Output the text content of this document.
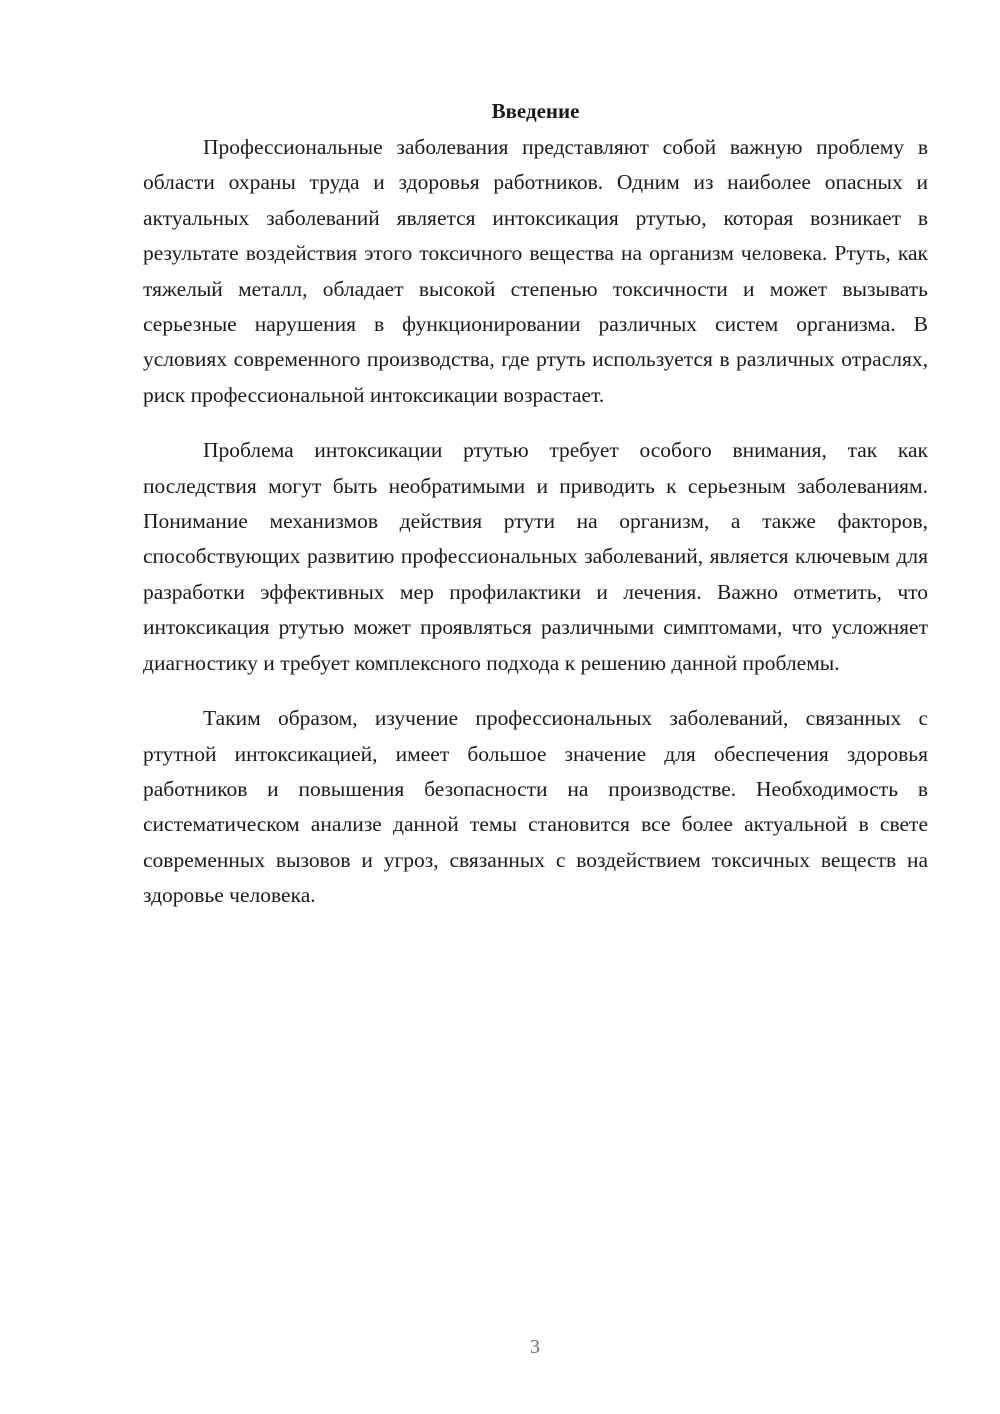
Введение

Профессиональные заболевания представляют собой важную проблему в области охраны труда и здоровья работников. Одним из наиболее опасных и актуальных заболеваний является интоксикация ртутью, которая возникает в результате воздействия этого токсичного вещества на организм человека. Ртуть, как тяжелый металл, обладает высокой степенью токсичности и может вызывать серьезные нарушения в функционировании различных систем организма. В условиях современного производства, где ртуть используется в различных отраслях, риск профессиональной интоксикации возрастает.

Проблема интоксикации ртутью требует особого внимания, так как последствия могут быть необратимыми и приводить к серьезным заболеваниям. Понимание механизмов действия ртути на организм, а также факторов, способствующих развитию профессиональных заболеваний, является ключевым для разработки эффективных мер профилактики и лечения. Важно отметить, что интоксикация ртутью может проявляться различными симптомами, что усложняет диагностику и требует комплексного подхода к решению данной проблемы.

Таким образом, изучение профессиональных заболеваний, связанных с ртутной интоксикацией, имеет большое значение для обеспечения здоровья работников и повышения безопасности на производстве. Необходимость в систематическом анализе данной темы становится все более актуальной в свете современных вызовов и угроз, связанных с воздействием токсичных веществ на здоровье человека.

3
